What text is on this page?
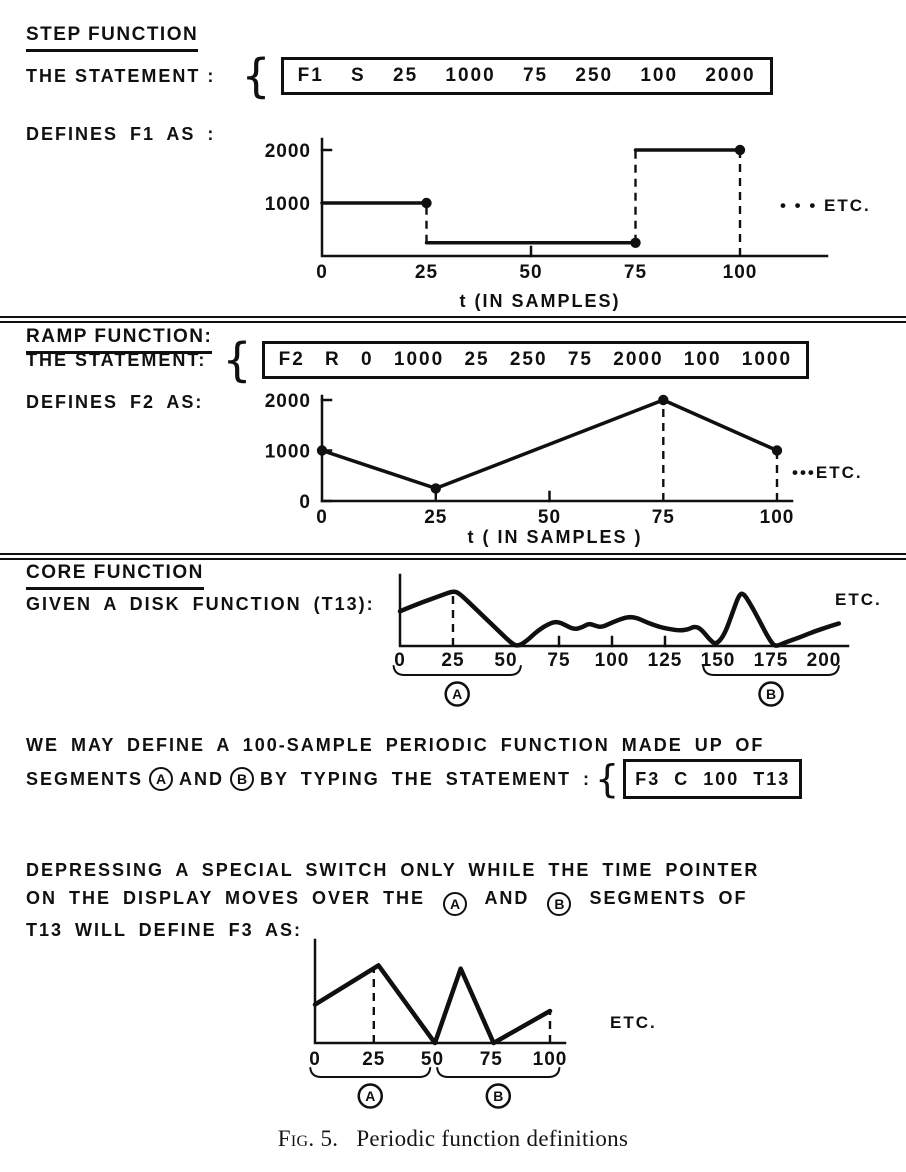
STEP FUNCTION
THE STATEMENT : {	F1 S 25 1000 75 250 100 2000
DEFINES F1 AS :
1000
2000
0	25	50	75	100
t (IN SAMPLES)
• • • ETC.
RAMP FUNCTION:
THE STATEMENT: {	F2 R 0 1000 25 250 75 2000 100 1000
DEFINES F2 AS:
0
1000
2000
0	25	50	75	100
t ( IN SAMPLES )
•••ETC.
CORE FUNCTION
GIVEN A DISK FUNCTION (T13):
0 25 50 75 100 125 150 175 200
ETC.
A	B
WE MAY DEFINE A 100-SAMPLE PERIODIC FUNCTION MADE UP OF
SEGMENTS A AND B BY TYPING THE STATEMENT : { F3 C 100 T13
DEPRESSING A SPECIAL SWITCH ONLY WHILE THE TIME POINTER
ON THE DISPLAY MOVES OVER THE A AND B SEGMENTS OF
T13 WILL DEFINE F3 AS:
0 25 50 75 100
ETC.
A	B
Fig. 5. Periodic function definitions
